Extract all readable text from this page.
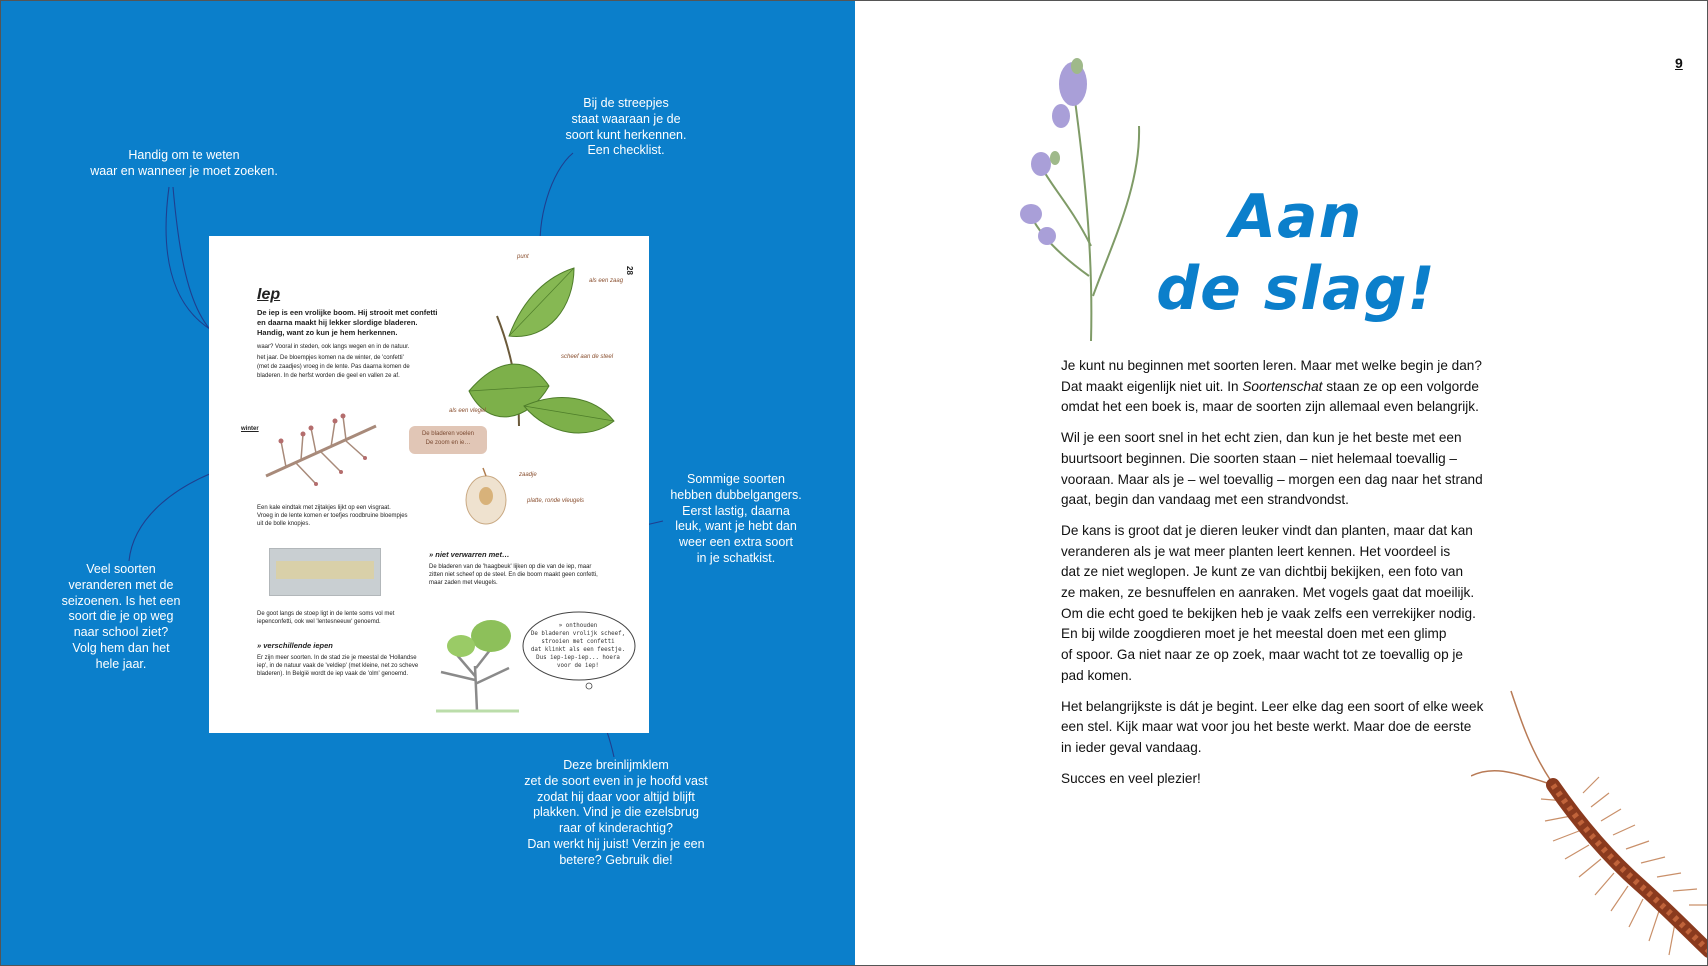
Handig om te weten
waar en wanneer je moet zoeken.
Bij de streepjes
staat waaraan je de
soort kunt herkennen.
Een checklist.
Sommige soorten
hebben dubbelgangers.
Eerst lastig, daarna
leuk, want je hebt dan
weer een extra soort
in je schatkist.
Veel soorten
veranderen met de
seizoenen. Is het een
soort die je op weg
naar school ziet?
Volg hem dan het
hele jaar.
Deze breinlijmklem
zet de soort even in je hoofd vast
zodat hij daar voor altijd blijft
plakken. Vind je die ezelsbrug
raar of kinderachtig?
Dan werkt hij juist! Verzin je een
betere? Gebruik die!
28
Iep
De iep is een vrolijke boom. Hij strooit met confetti
en daarna maakt hij lekker slordige bladeren.
Handig, want zo kun je hem herkennen.
waar? Vooral in steden, ook langs wegen en in de natuur.
het jaar. De bloempjes komen na de winter, de 'confetti'
(met de zaadjes) vroeg in de lente. Pas daarna komen de
bladeren. In de herfst worden die geel en vallen ze af.
punt
als een zaag
scheef aan de steel
als een vlegel
De bladeren voelen
De zoom en ie…
winter
Een kale eindtak met zijtakjes lijkt op een visgraat.
Vroeg in de lente komen er toefjes roodbruine bloempjes
uit de bolle knopjes.
zaadje
platte, ronde vleugels
De goot langs de stoep ligt in de lente soms vol met
iepenconfetti, ook wel 'lentesneeuw' genoemd.
» niet verwarren met…
De bladeren van de 'haagbeuk' lijken op die van de iep, maar
zitten niet scheef op de steel. En die boom maakt geen confetti,
maar zaden met vleugels.
» verschillende iepen
Er zijn meer soorten. In de stad zie je meestal de 'Hollandse
iep', in de natuur vaak de 'veldiep' (met kleine, net zo scheve
bladeren). In België wordt de iep vaak de 'olm' genoemd.
» onthouden
De bladeren vrolijk scheef,
strooien met confetti
dat klinkt als een feestje.
Dus iep-iep-iep... hoera
voor de iep!
9
Aan
de slag!

Je kunt nu beginnen met soorten leren. Maar met welke begin je dan?
Dat maakt eigenlijk niet uit. In Soortenschat staan ze op een volgorde
omdat het een boek is, maar de soorten zijn allemaal even belangrijk.

Wil je een soort snel in het echt zien, dan kun je het beste met een
buurtsoort beginnen. Die soorten staan – niet helemaal toevallig –
vooraan. Maar als je – wel toevallig – morgen een dag naar het strand
gaat, begin dan vandaag met een strandvondst.

De kans is groot dat je dieren leuker vindt dan planten, maar dat kan
veranderen als je wat meer planten leert kennen. Het voordeel is
dat ze niet weglopen. Je kunt ze van dichtbij bekijken, een foto van
ze maken, ze besnuffelen en aanraken. Met vogels gaat dat moeilijk.
Om die echt goed te bekijken heb je vaak zelfs een verrekijker nodig.
En bij wilde zoogdieren moet je het meestal doen met een glimp
of spoor. Ga niet naar ze op zoek, maar wacht tot ze toevallig op je
pad komen.

Het belangrijkste is dát je begint. Leer elke dag een soort of elke week
een stel. Kijk maar wat voor jou het beste werkt. Maar doe de eerste
in ieder geval vandaag.

Succes en veel plezier!
